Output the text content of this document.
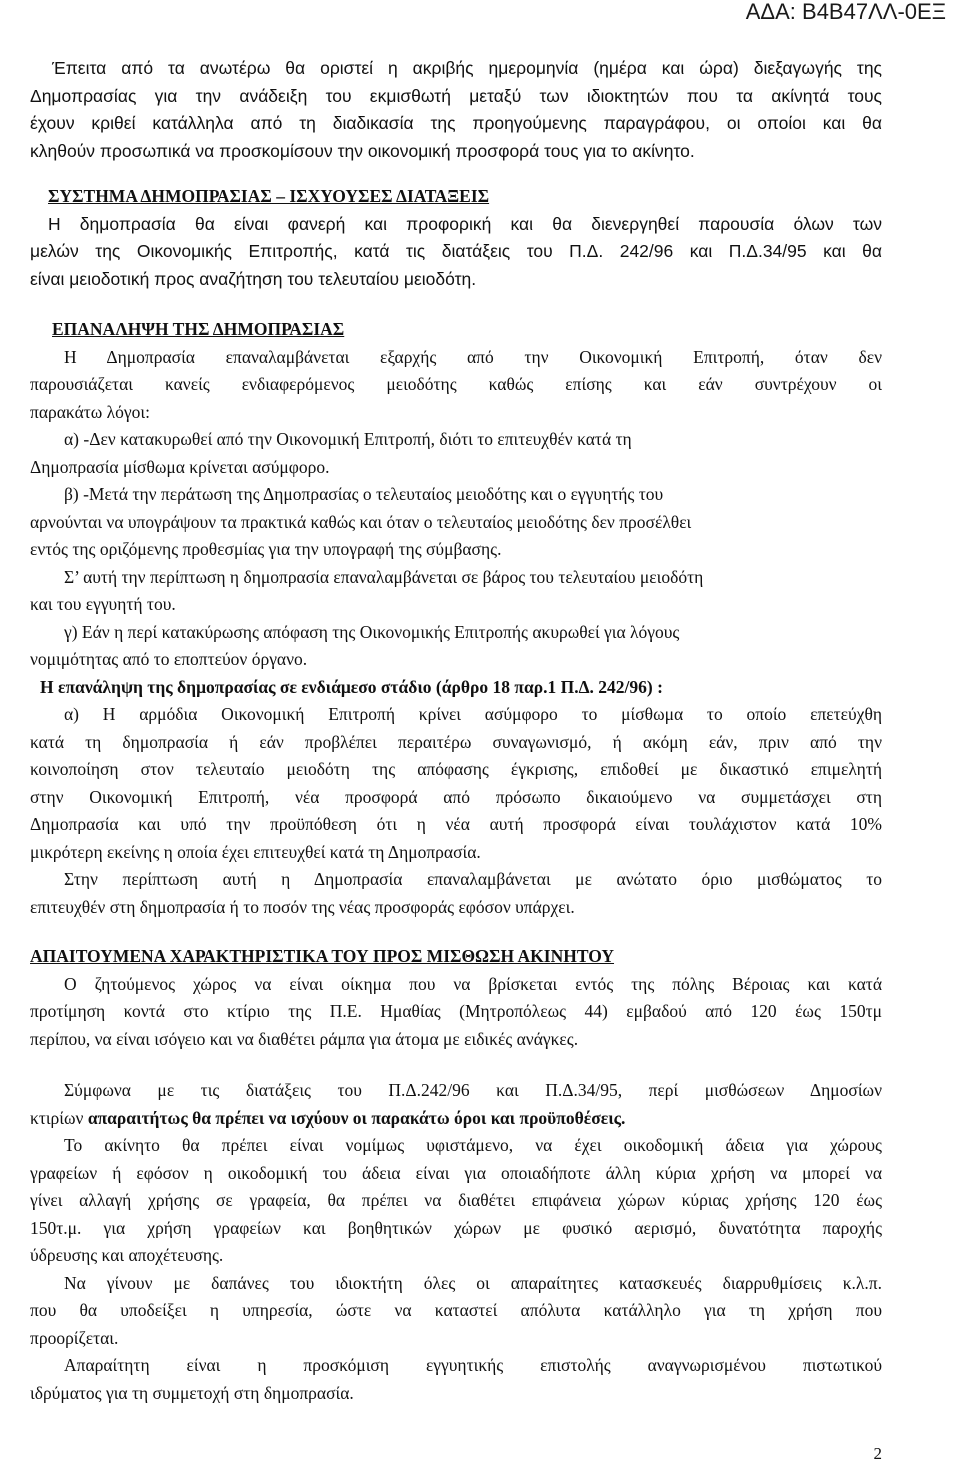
ΑΔΑ: Β4Β47ΛΛ-0ΕΞ
Έπειτα από τα ανωτέρω θα οριστεί η ακριβής ημερομηνία (ημέρα και ώρα) διεξαγωγής της
Δημοπρασίας για την ανάδειξη του εκμισθωτή μεταξύ των ιδιοκτητών που τα ακίνητά τους
έχουν κριθεί κατάλληλα από τη διαδικασία της προηγούμενης παραγράφου, οι οποίοι και θα
κληθούν προσωπικά να προσκομίσουν την οικονομική προσφορά τους για το ακίνητο.
ΣΥΣΤΗΜΑ ΔΗΜΟΠΡΑΣΙΑΣ – ΙΣΧΥΟΥΣΕΣ ΔΙΑΤΑΞΕΙΣ
Η δημοπρασία θα είναι φανερή και προφορική και θα διενεργηθεί παρουσία όλων των
μελών της Οικονομικής Επιτροπής, κατά τις διατάξεις του Π.Δ. 242/96 και Π.Δ.34/95 και θα
είναι μειοδοτική προς αναζήτηση του τελευταίου μειοδότη.
ΕΠΑΝΑΛΗΨΗ ΤΗΣ ΔΗΜΟΠΡΑΣΙΑΣ
Η Δημοπρασία επαναλαμβάνεται εξαρχής από την Οικονομική Επιτροπή, όταν δεν
παρουσιάζεται κανείς ενδιαφερόμενος μειοδότης καθώς επίσης και εάν συντρέχουν οι
παρακάτω λόγοι:
α) -Δεν κατακυρωθεί από την Οικονομική Επιτροπή, διότι το επιτευχθέν κατά τη
Δημοπρασία μίσθωμα κρίνεται ασύμφορο.
β) -Μετά την περάτωση της Δημοπρασίας ο τελευταίος μειοδότης και ο εγγυητής του
αρνούνται να υπογράψουν τα πρακτικά καθώς και όταν ο τελευταίος μειοδότης δεν προσέλθει
εντός της οριζόμενης προθεσμίας για την υπογραφή της σύμβασης.
Σ’ αυτή την περίπτωση η δημοπρασία επαναλαμβάνεται σε βάρος του τελευταίου μειοδότη
και του εγγυητή του.
γ) Εάν η περί κατακύρωσης απόφαση της Οικονομικής Επιτροπής ακυρωθεί για λόγους
νομιμότητας από το εποπτεύον όργανο.
Η επανάληψη της δημοπρασίας σε ενδιάμεσο στάδιο (άρθρο 18 παρ.1 Π.Δ. 242/96) :
α) Η αρμόδια Οικονομική Επιτροπή κρίνει ασύμφορο το μίσθωμα το οποίο επετεύχθη
κατά τη δημοπρασία ή εάν προβλέπει περαιτέρω συναγωνισμό, ή ακόμη εάν, πριν από την
κοινοποίηση στον τελευταίο μειοδότη της απόφασης έγκρισης, επιδοθεί με δικαστικό επιμελητή
στην Οικονομική Επιτροπή, νέα προσφορά από πρόσωπο δικαιούμενο να συμμετάσχει στη
Δημοπρασία και υπό την προϋπόθεση ότι η νέα αυτή προσφορά είναι τουλάχιστον κατά 10%
μικρότερη εκείνης η οποία έχει επιτευχθεί κατά τη Δημοπρασία.
Στην περίπτωση αυτή η Δημοπρασία επαναλαμβάνεται με ανώτατο όριο μισθώματος το
επιτευχθέν στη δημοπρασία ή το ποσόν της νέας προσφοράς εφόσον υπάρχει.
ΑΠΑΙΤΟΥΜΕΝΑ ΧΑΡΑΚΤΗΡΙΣΤΙΚΑ ΤΟΥ ΠΡΟΣ ΜΙΣΘΩΣΗ ΑΚΙΝΗΤΟΥ
Ο ζητούμενος χώρος να είναι οίκημα που να βρίσκεται εντός της πόλης Βέροιας και κατά
προτίμηση κοντά στο κτίριο της Π.Ε. Ημαθίας (Μητροπόλεως 44) εμβαδού από 120 έως 150τμ
περίπου, να είναι ισόγειο και να διαθέτει ράμπα για άτομα με ειδικές ανάγκες.
Σύμφωνα με τις διατάξεις του Π.Δ.242/96 και Π.Δ.34/95, περί μισθώσεων Δημοσίων
κτιρίων απαραιτήτως θα πρέπει να ισχύουν οι παρακάτω όροι και προϋποθέσεις.
Το ακίνητο θα πρέπει είναι νομίμως υφιστάμενο, να έχει οικοδομική άδεια για χώρους
γραφείων ή εφόσον η οικοδομική του άδεια είναι για οποιαδήποτε άλλη κύρια χρήση να μπορεί να
γίνει αλλαγή χρήσης σε γραφεία, θα πρέπει να διαθέτει επιφάνεια χώρων κύριας χρήσης 120 έως
150τ.μ. για χρήση γραφείων και βοηθητικών χώρων με φυσικό αερισμό, δυνατότητα παροχής
ύδρευσης και αποχέτευσης.
Να γίνουν με δαπάνες του ιδιοκτήτη όλες οι απαραίτητες κατασκευές διαρρυθμίσεις κ.λ.π.
που θα υποδείξει η υπηρεσία, ώστε να καταστεί απόλυτα κατάλληλο για τη χρήση που
προορίζεται.
Απαραίτητη είναι η προσκόμιση εγγυητικής επιστολής αναγνωρισμένου πιστωτικού
ιδρύματος για τη συμμετοχή στη δημοπρασία.
2
